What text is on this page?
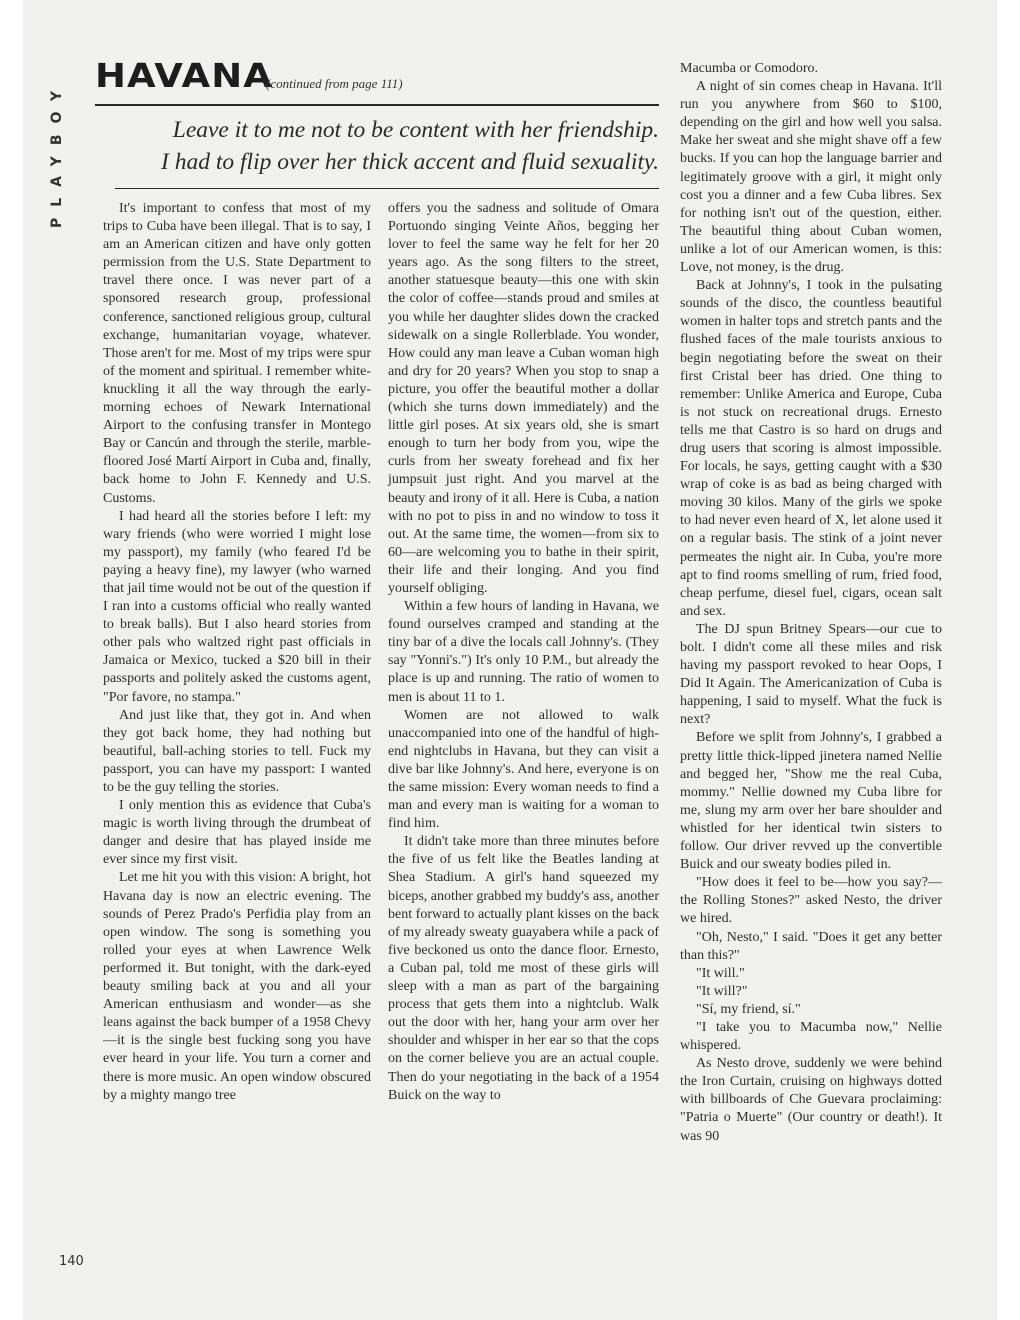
PLAYBOY
HAVANA
(continued from page 111)
Leave it to me not to be content with her friendship.
I had to flip over her thick accent and fluid sexuality.

It's important to confess that most of my trips to Cuba have been illegal. That is to say, I am an American citizen and have only gotten permission from the U.S. State Department to travel there once. I was never part of a sponsored research group, professional conference, sanctioned religious group, cultural exchange, humanitarian voyage, whatever. Those aren't for me. Most of my trips were spur of the moment and spiritual. I remember white-knuckling it all the way through the early-morning echoes of Newark International Airport to the confusing transfer in Montego Bay or Cancún and through the sterile, marble-floored José Martí Airport in Cuba and, finally, back home to John F. Kennedy and U.S. Customs.

I had heard all the stories before I left: my wary friends (who were worried I might lose my passport), my family (who feared I'd be paying a heavy fine), my lawyer (who warned that jail time would not be out of the question if I ran into a customs official who really wanted to break balls). But I also heard stories from other pals who waltzed right past officials in Jamaica or Mexico, tucked a $20 bill in their passports and politely asked the customs agent, "Por favore, no stampa."

And just like that, they got in. And when they got back home, they had nothing but beautiful, ball-aching stories to tell. Fuck my passport, you can have my passport: I wanted to be the guy telling the stories.

I only mention this as evidence that Cuba's magic is worth living through the drumbeat of danger and desire that has played inside me ever since my first visit.

Let me hit you with this vision: A bright, hot Havana day is now an electric evening. The sounds of Perez Prado's Perfidia play from an open window. The song is something you rolled your eyes at when Lawrence Welk performed it. But tonight, with the dark-eyed beauty smiling back at you and all your American enthusiasm and wonder—as she leans against the back bumper of a 1958 Chevy—it is the single best fucking song you have ever heard in your life. You turn a corner and there is more music. An open window obscured by a mighty mango tree

offers you the sadness and solitude of Omara Portuondo singing Veinte Años, begging her lover to feel the same way he felt for her 20 years ago. As the song filters to the street, another statuesque beauty—this one with skin the color of coffee—stands proud and smiles at you while her daughter slides down the cracked sidewalk on a single Rollerblade. You wonder, How could any man leave a Cuban woman high and dry for 20 years? When you stop to snap a picture, you offer the beautiful mother a dollar (which she turns down immediately) and the little girl poses. At six years old, she is smart enough to turn her body from you, wipe the curls from her sweaty forehead and fix her jumpsuit just right. And you marvel at the beauty and irony of it all. Here is Cuba, a nation with no pot to piss in and no window to toss it out. At the same time, the women—from six to 60—are welcoming you to bathe in their spirit, their life and their longing. And you find yourself obliging.

Within a few hours of landing in Havana, we found ourselves cramped and standing at the tiny bar of a dive the locals call Johnny's. (They say "Yonni's.") It's only 10 P.M., but already the place is up and running. The ratio of women to men is about 11 to 1.

Women are not allowed to walk unaccompanied into one of the handful of high-end nightclubs in Havana, but they can visit a dive bar like Johnny's. And here, everyone is on the same mission: Every woman needs to find a man and every man is waiting for a woman to find him.

It didn't take more than three minutes before the five of us felt like the Beatles landing at Shea Stadium. A girl's hand squeezed my biceps, another grabbed my buddy's ass, another bent forward to actually plant kisses on the back of my already sweaty guayabera while a pack of five beckoned us onto the dance floor. Ernesto, a Cuban pal, told me most of these girls will sleep with a man as part of the bargaining process that gets them into a nightclub. Walk out the door with her, hang your arm over her shoulder and whisper in her ear so that the cops on the corner believe you are an actual couple. Then do your negotiating in the back of a 1954 Buick on the way to

Macumba or Comodoro.

A night of sin comes cheap in Havana. It'll run you anywhere from $60 to $100, depending on the girl and how well you salsa. Make her sweat and she might shave off a few bucks. If you can hop the language barrier and legitimately groove with a girl, it might only cost you a dinner and a few Cuba libres. Sex for nothing isn't out of the question, either. The beautiful thing about Cuban women, unlike a lot of our American women, is this: Love, not money, is the drug.

Back at Johnny's, I took in the pulsating sounds of the disco, the countless beautiful women in halter tops and stretch pants and the flushed faces of the male tourists anxious to begin negotiating before the sweat on their first Cristal beer has dried. One thing to remember: Unlike America and Europe, Cuba is not stuck on recreational drugs. Ernesto tells me that Castro is so hard on drugs and drug users that scoring is almost impossible. For locals, he says, getting caught with a $30 wrap of coke is as bad as being charged with moving 30 kilos. Many of the girls we spoke to had never even heard of X, let alone used it on a regular basis. The stink of a joint never permeates the night air. In Cuba, you're more apt to find rooms smelling of rum, fried food, cheap perfume, diesel fuel, cigars, ocean salt and sex.

The DJ spun Britney Spears—our cue to bolt. I didn't come all these miles and risk having my passport revoked to hear Oops, I Did It Again. The Americanization of Cuba is happening, I said to myself. What the fuck is next?

Before we split from Johnny's, I grabbed a pretty little thick-lipped jinetera named Nellie and begged her, "Show me the real Cuba, mommy." Nellie downed my Cuba libre for me, slung my arm over her bare shoulder and whistled for her identical twin sisters to follow. Our driver revved up the convertible Buick and our sweaty bodies piled in.

"How does it feel to be—how you say?—the Rolling Stones?" asked Nesto, the driver we hired.

"Oh, Nesto," I said. "Does it get any better than this?"

"It will."

"It will?"

"Sí, my friend, sí."

"I take you to Macumba now," Nellie whispered.

As Nesto drove, suddenly we were behind the Iron Curtain, cruising on highways dotted with billboards of Che Guevara proclaiming: "Patria o Muerte" (Our country or death!). It was 90

140
